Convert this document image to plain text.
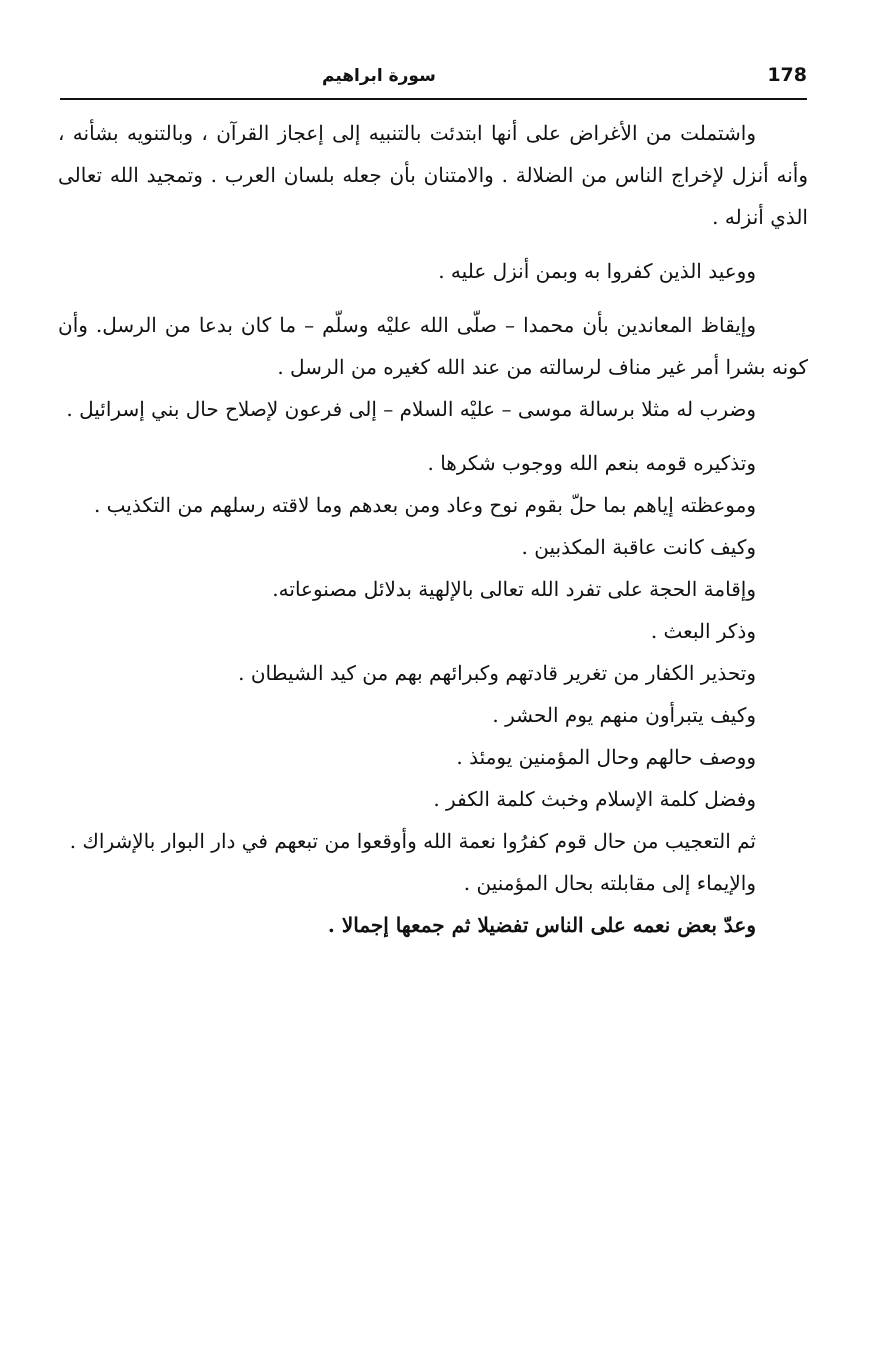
178
سورة ابراهيم

واشتملت من الأغراض على أنها ابتدئت بالتنبيه إلى إعجاز القرآن ، وبالتنويه بشأنه ، وأنه أنزل لإخراج الناس من الضلالة . والامتنان بأن جعله بلسان العرب . وتمجيد الله تعالى الذي أنزله .

ووعيد الذين كفروا به وبمن أنزل عليه .

وإيقاظ المعاندين بأن محمدا – صلّى الله عليْه وسلّم – ما كان بدعا من الرسل. وأن كونه بشرا أمر غير مناف لرسالته من عند الله كغيره من الرسل .

وضرب له مثلا برسالة موسى – عليْه السلام – إلى فرعون لإصلاح حال بني إسرائيل .

وتذكيره قومه بنعم الله ووجوب شكرها .

وموعظته إياهم بما حلّ بقوم نوح وعاد ومن بعدهم وما لاقته رسلهم من التكذيب .

وكيف كانت عاقبة المكذبين .

وإقامة الحجة على تفرد الله تعالى بالإلهية بدلائل مصنوعاته.

وذكر البعث .

وتحذير الكفار من تغرير قادتهم وكبرائهم بهم من كيد الشيطان .

وكيف يتبرأون منهم يوم الحشر .

ووصف حالهم وحال المؤمنين يومئذ .

وفضل كلمة الإسلام وخبث كلمة الكفر .

ثم التعجيب من حال قوم كفرُوا نعمة الله وأوقعوا من تبعهم في دار البوار بالإشراك .

والإيماء إلى مقابلته بحال المؤمنين .

وعدّ بعض نعمه على الناس تفضيلا ثم جمعها إجمالا .
